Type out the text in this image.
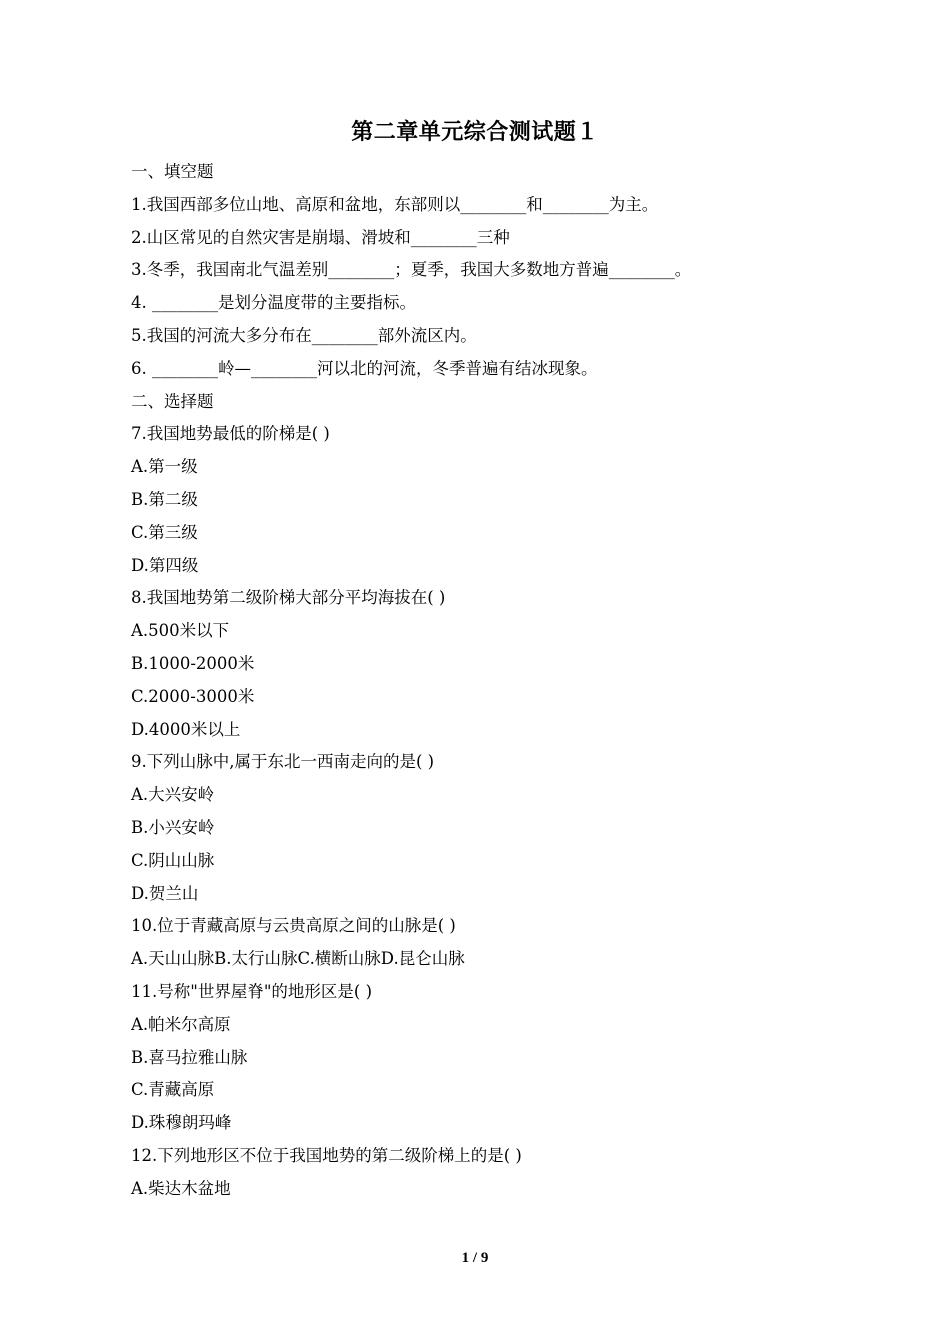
第二章单元综合测试题１
一、填空题
1.我国西部多位山地、高原和盆地，东部则以________和________为主。
2.山区常见的自然灾害是崩塌、滑坡和________三种
3.冬季，我国南北气温差别________；夏季，我国大多数地方普遍________。
4. ________是划分温度带的主要指标。
5.我国的河流大多分布在________部外流区内。
6. ________岭—________河以北的河流，冬季普遍有结冰现象。
二、选择题
7.我国地势最低的阶梯是( )
A.第一级
B.第二级
C.第三级
D.第四级
8.我国地势第二级阶梯大部分平均海拔在( )
A.500米以下
B.1000-2000米
C.2000-3000米
D.4000米以上
9.下列山脉中,属于东北一西南走向的是( )
A.大兴安岭
B.小兴安岭
C.阴山山脉
D.贺兰山
10.位于青藏高原与云贵高原之间的山脉是( )
A.天山山脉B.太行山脉C.横断山脉D.昆仑山脉
11.号称"世界屋脊"的地形区是( )
A.帕米尔高原
B.喜马拉雅山脉
C.青藏高原
D.珠穆朗玛峰
12.下列地形区不位于我国地势的第二级阶梯上的是( )
A.柴达木盆地
1 / 9
